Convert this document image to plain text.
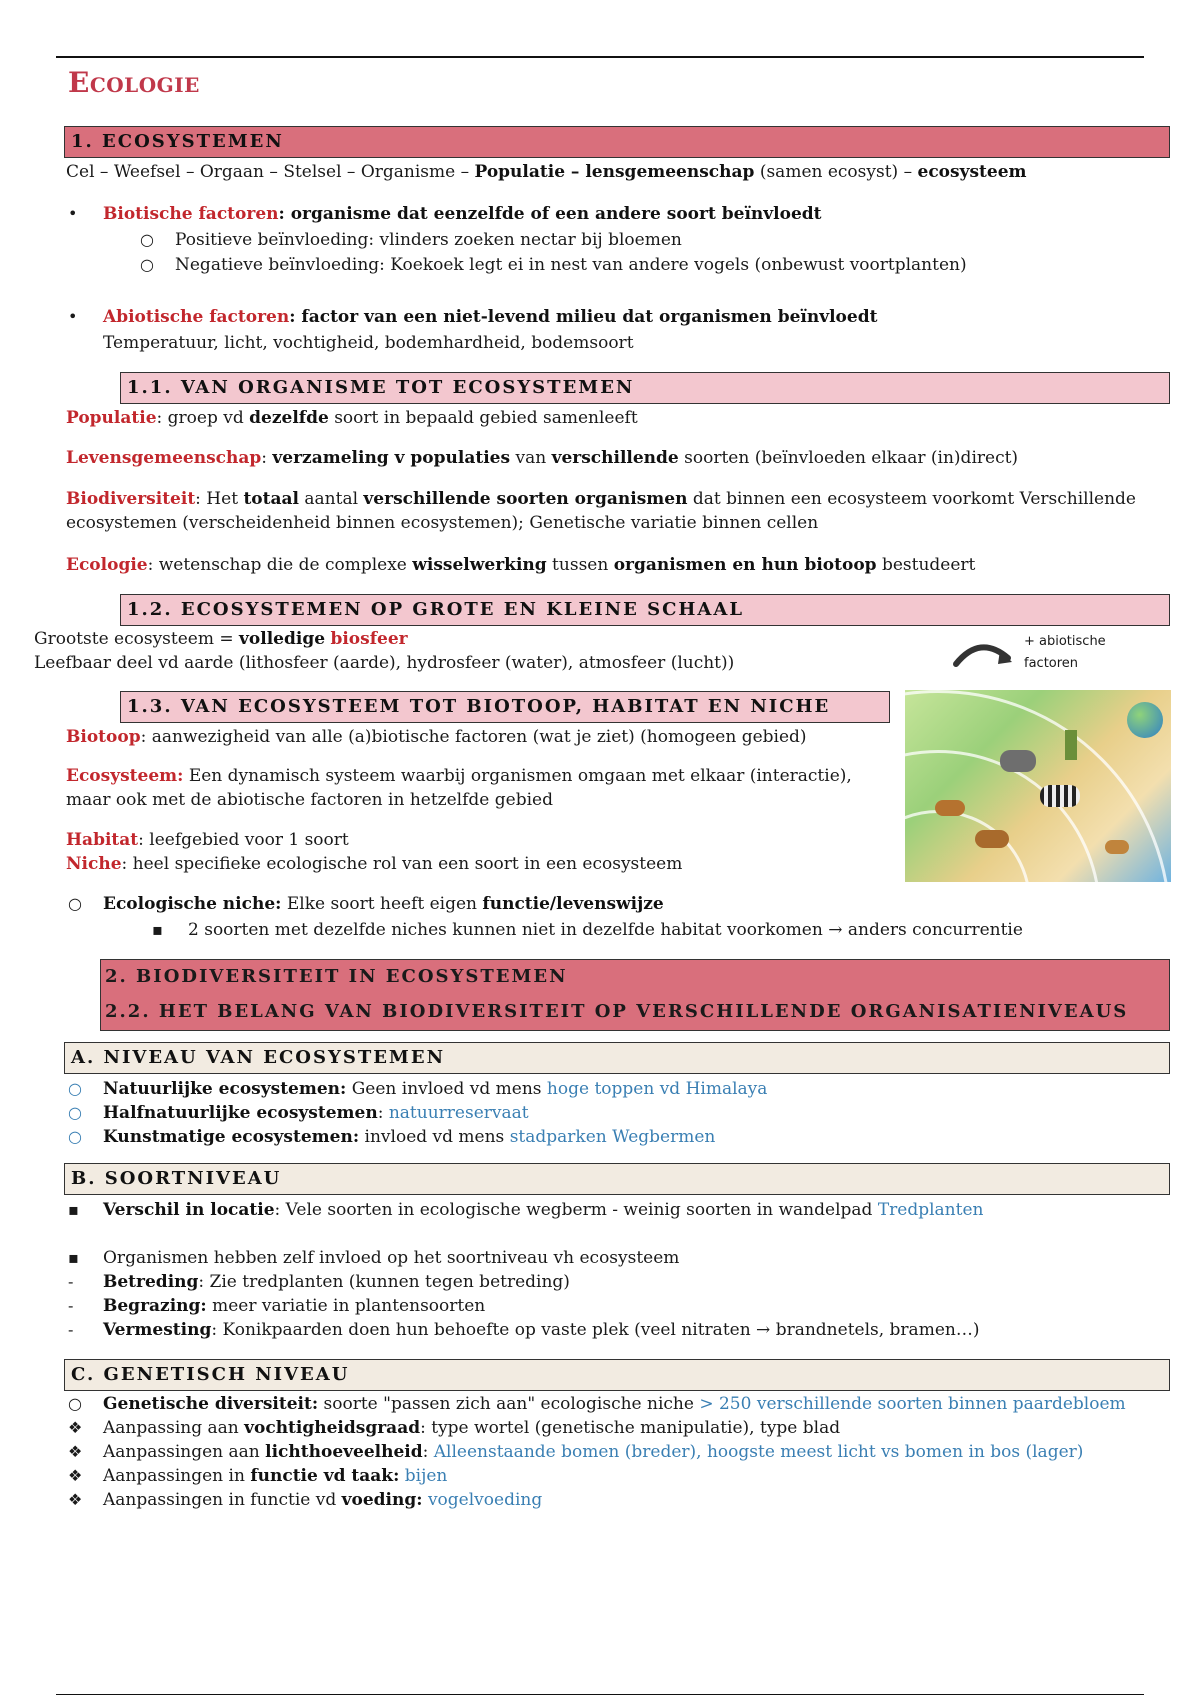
Ecologie
1. ECOSYSTEMEN
Cel – Weefsel – Orgaan – Stelsel – Organisme – Populatie – lensgemeenschap (samen ecosyst) – ecosysteem
• Biotische factoren: organisme dat eenzelfde of een andere soort beïnvloedt
○ Positieve beïnvloeding: vlinders zoeken nectar bij bloemen
○ Negatieve beïnvloeding: Koekoek legt ei in nest van andere vogels (onbewust voortplanten)
• Abiotische factoren: factor van een niet-levend milieu dat organismen beïnvloedt
Temperatuur, licht, vochtigheid, bodemhardheid, bodemsoort
1.1. VAN ORGANISME TOT ECOSYSTEMEN
Populatie: groep vd dezelfde soort in bepaald gebied samenleeft
Levensgemeenschap: verzameling v populaties van verschillende soorten (beïnvloeden elkaar (in)direct)
Biodiversiteit: Het totaal aantal verschillende soorten organismen dat binnen een ecosysteem voorkomt Verschillende
ecosystemen (verscheidenheid binnen ecosystemen); Genetische variatie binnen cellen
Ecologie: wetenschap die de complexe wisselwerking tussen organismen en hun biotoop bestudeert
1.2. ECOSYSTEMEN OP GROTE EN KLEINE SCHAAL
Grootste ecosysteem = volledige biosfeer
Leefbaar deel vd aarde (lithosfeer (aarde), hydrosfeer (water), atmosfeer (lucht))
+ abiotische
factoren
1.3. VAN ECOSYSTEEM TOT BIOTOOP, HABITAT EN NICHE
Biotoop: aanwezigheid van alle (a)biotische factoren (wat je ziet) (homogeen gebied)
Ecosysteem: Een dynamisch systeem waarbij organismen omgaan met elkaar (interactie),
maar ook met de abiotische factoren in hetzelfde gebied
Habitat: leefgebied voor 1 soort
Niche: heel specifieke ecologische rol van een soort in een ecosysteem
○ Ecologische niche: Elke soort heeft eigen functie/levenswijze
▪ 2 soorten met dezelfde niches kunnen niet in dezelfde habitat voorkomen → anders concurrentie
2. BIODIVERSITEIT IN ECOSYSTEMEN
2.2. HET BELANG VAN BIODIVERSITEIT OP VERSCHILLENDE ORGANISATIENIVEAUS
A. NIVEAU VAN ECOSYSTEMEN
○ Natuurlijke ecosystemen: Geen invloed vd mens hoge toppen vd Himalaya
○ Halfnatuurlijke ecosystemen: natuurreservaat
○ Kunstmatige ecosystemen: invloed vd mens stadparken Wegbermen
B. SOORTNIVEAU
▪ Verschil in locatie: Vele soorten in ecologische wegberm - weinig soorten in wandelpad Tredplanten
▪ Organismen hebben zelf invloed op het soortniveau vh ecosysteem
- Betreding: Zie tredplanten (kunnen tegen betreding)
- Begrazing: meer variatie in plantensoorten
- Vermesting: Konikpaarden doen hun behoefte op vaste plek (veel nitraten → brandnetels, bramen…)
C. GENETISCH NIVEAU
○ Genetische diversiteit: soorte "passen zich aan" ecologische niche > 250 verschillende soorten binnen paardebloem
❖ Aanpassing aan vochtigheidsgraad: type wortel (genetische manipulatie), type blad
❖ Aanpassingen aan lichthoeveelheid: Alleenstaande bomen (breder), hoogste meest licht vs bomen in bos (lager)
❖ Aanpassingen in functie vd taak: bijen
❖ Aanpassingen in functie vd voeding: vogelvoeding
